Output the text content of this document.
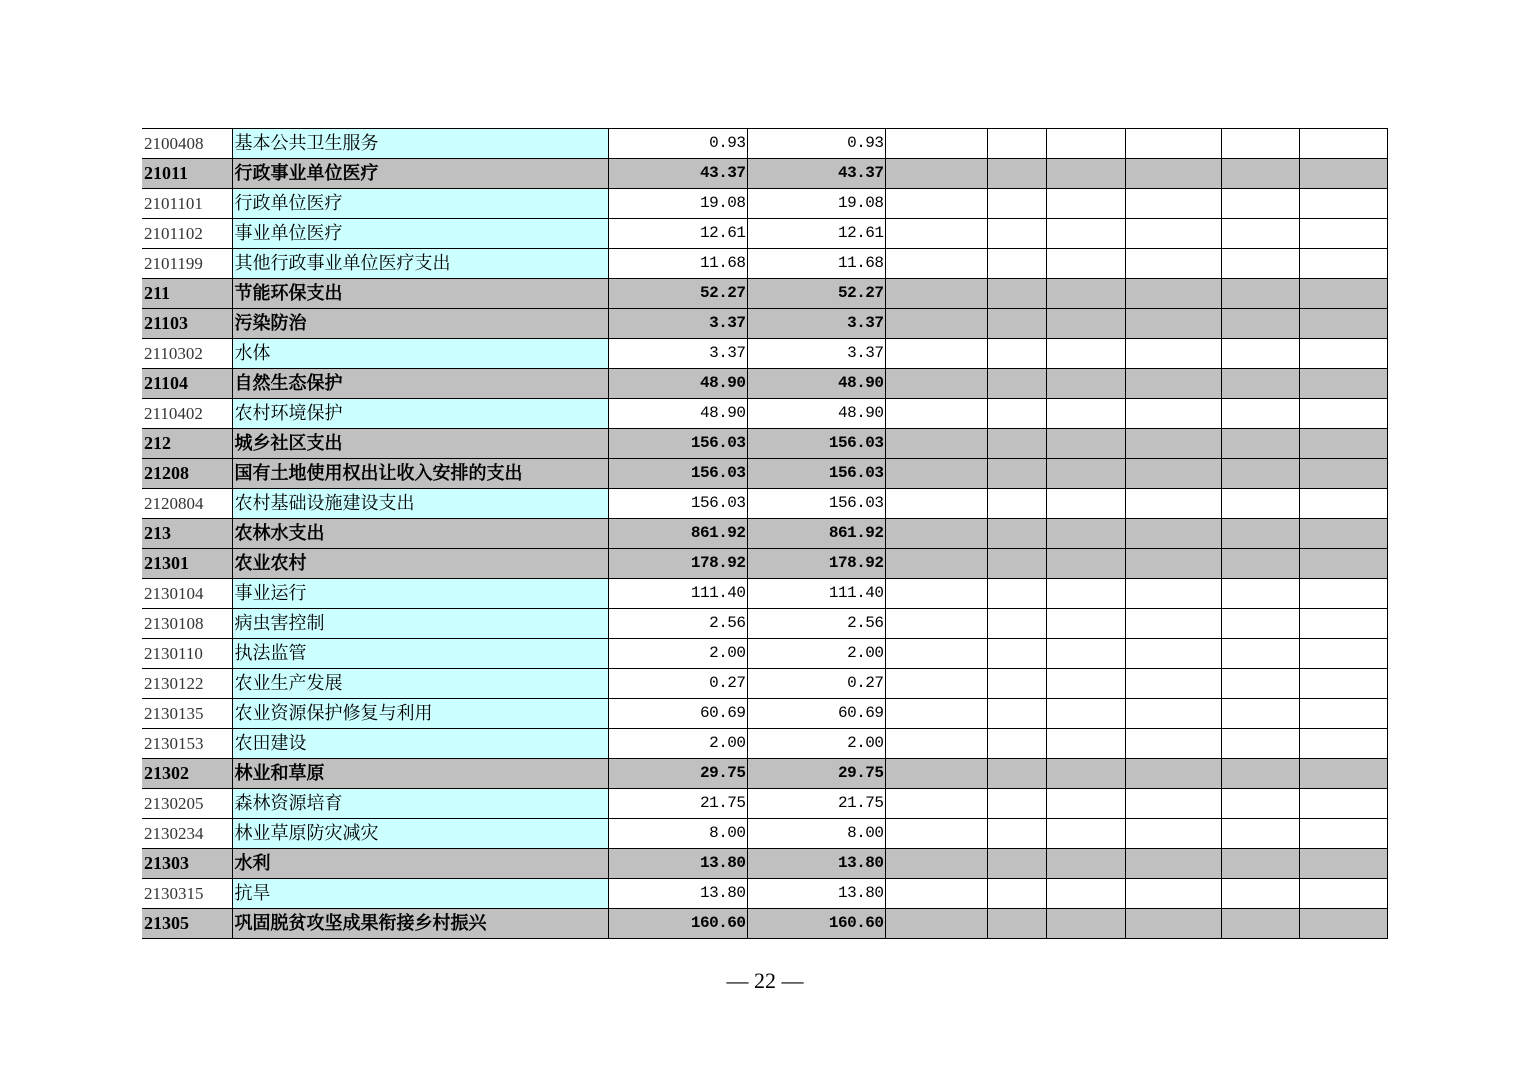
2100408	基本公共卫生服务	0.93	0.93						
21011	行政事业单位医疗	43.37	43.37						
2101101	行政单位医疗	19.08	19.08						
2101102	事业单位医疗	12.61	12.61						
2101199	其他行政事业单位医疗支出	11.68	11.68						
211	节能环保支出	52.27	52.27						
21103	污染防治	3.37	3.37						
2110302	水体	3.37	3.37						
21104	自然生态保护	48.90	48.90						
2110402	农村环境保护	48.90	48.90						
212	城乡社区支出	156.03	156.03						
21208	国有土地使用权出让收入安排的支出	156.03	156.03						
2120804	农村基础设施建设支出	156.03	156.03						
213	农林水支出	861.92	861.92						
21301	农业农村	178.92	178.92						
2130104	事业运行	111.40	111.40						
2130108	病虫害控制	2.56	2.56						
2130110	执法监管	2.00	2.00						
2130122	农业生产发展	0.27	0.27						
2130135	农业资源保护修复与利用	60.69	60.69						
2130153	农田建设	2.00	2.00						
21302	林业和草原	29.75	29.75						
2130205	森林资源培育	21.75	21.75						
2130234	林业草原防灾减灾	8.00	8.00						
21303	水利	13.80	13.80						
2130315	抗旱	13.80	13.80						
21305	巩固脱贫攻坚成果衔接乡村振兴	160.60	160.60						
— 22 —
